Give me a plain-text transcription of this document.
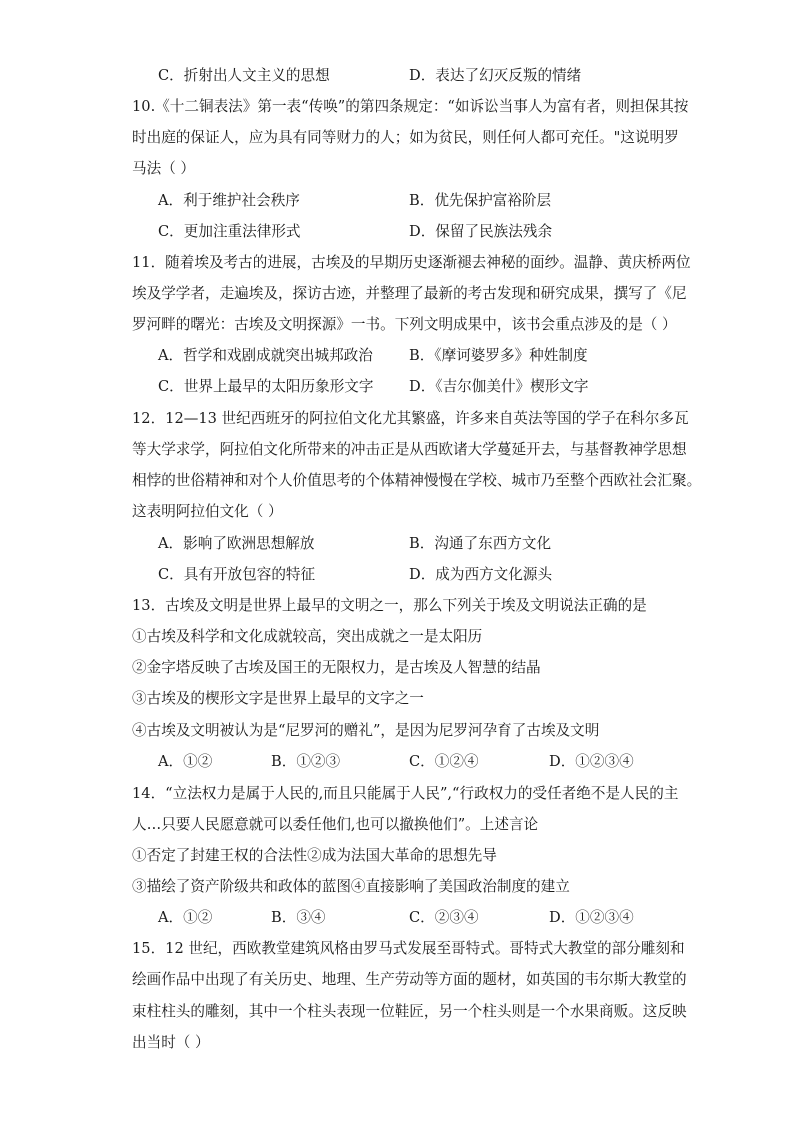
C．折射出人文主义的思想	D．表达了幻灭反叛的情绪
10.《十二铜表法》第一表“传唤”的第四条规定：“如诉讼当事人为富有者，则担保其按
时出庭的保证人，应为具有同等财力的人；如为贫民，则任何人都可充任。"这说明罗
马法（ ）
A．利于维护社会秩序	B．优先保护富裕阶层
C．更加注重法律形式	D．保留了民族法残余
11．随着埃及考古的进展，古埃及的早期历史逐渐褪去神秘的面纱。温静、黄庆桥两位
埃及学学者，走遍埃及，探访古迹，并整理了最新的考古发现和研究成果，撰写了《尼
罗河畔的曙光：古埃及文明探源》一书。下列文明成果中，该书会重点涉及的是（ ）
A．哲学和戏剧成就突出城邦政治 B．《摩诃婆罗多》种姓制度
C．世界上最早的太阳历象形文字 D．《吉尔伽美什》楔形文字
12．12—13 世纪西班牙的阿拉伯文化尤其繁盛，许多来自英法等国的学子在科尔多瓦
等大学求学，阿拉伯文化所带来的冲击正是从西欧诸大学蔓延开去，与基督教神学思想
相悖的世俗精神和对个人价值思考的个体精神慢慢在学校、城市乃至整个西欧社会汇聚。
这表明阿拉伯文化（ ）
A．影响了欧洲思想解放	B．沟通了东西方文化
C．具有开放包容的特征	D．成为西方文化源头
13．古埃及文明是世界上最早的文明之一，那么下列关于埃及文明说法正确的是
①古埃及科学和文化成就较高，突出成就之一是太阳历
②金字塔反映了古埃及国王的无限权力，是古埃及人智慧的结晶
③古埃及的楔形文字是世界上最早的文字之一
④古埃及文明被认为是“尼罗河的赠礼”，是因为尼罗河孕育了古埃及文明
A．①②	B．①②③	C．①②④	D．①②③④
14．“立法权力是属于人民的,而且只能属于人民”,“行政权力的受任者绝不是人民的主
人…只要人民愿意就可以委任他们,也可以撤换他们”。上述言论
①否定了封建王权的合法性②成为法国大革命的思想先导
③描绘了资产阶级共和政体的蓝图④直接影响了美国政治制度的建立
A．①②	B．③④	C．②③④	D．①②③④
15．12 世纪，西欧教堂建筑风格由罗马式发展至哥特式。哥特式大教堂的部分雕刻和
绘画作品中出现了有关历史、地理、生产劳动等方面的题材，如英国的韦尔斯大教堂的
束柱柱头的雕刻，其中一个柱头表现一位鞋匠，另一个柱头则是一个水果商贩。这反映
出当时（ ）
